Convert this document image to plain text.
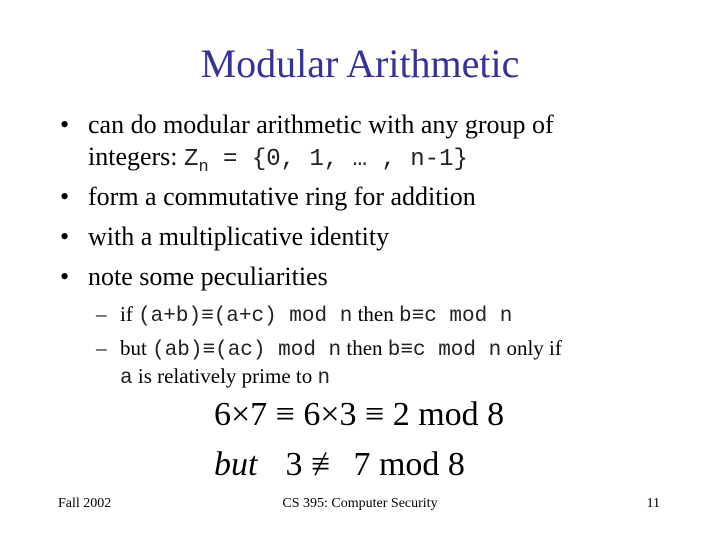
Modular Arithmetic
• can do modular arithmetic with any group of
integers: $Z_n = \{0$, 1, … , n-1}
• form a commutative ring for addition
• with a multiplicative identity
• note some peculiarities
– if (a+b)≡(a+c) mod n then b≡c mod n
– but (ab)≡(ac) mod n then b≡c mod n only if
a is relatively prime to n
6×7 ≡ 6×3 ≡ 2 mod 8
but 3 ≢ 7 mod 8
Fall 2002	CS 395: Computer Security	11
